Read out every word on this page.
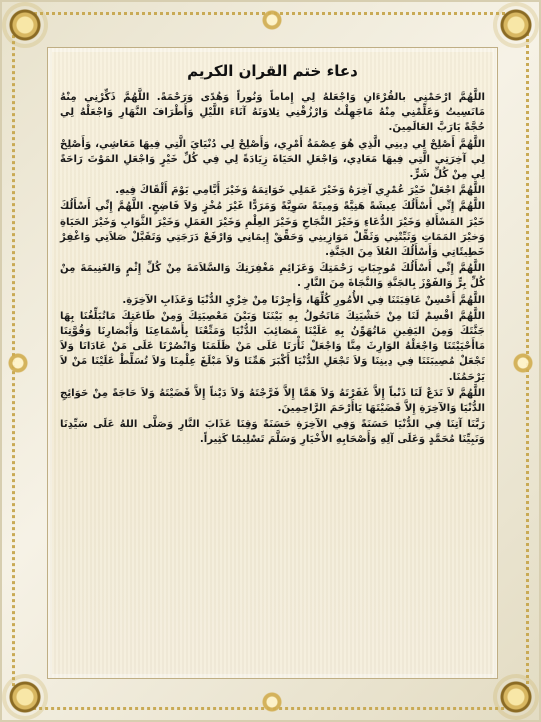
دعاء ختم القران الكريم

اللَّهُمَّ ارْحَمْنِي بالقُرْءَانِ وَاجْعَلهُ لِي إِماماً وَنُوراً وَهُدًى وَرَحْمَةً. اللَّهُمَّ ذَكِّرْنِي مِنْهُ مَانَسِيتُ وَعَلِّمْنِي مِنْهُ مَاجَهِلْتُ وَارْزُقْنِي تِلاوَتَهُ آنَاءَ اللَّيْلِ وَأَطْرَافَ النَّهَارِ وَاجْعَلْهُ لِي حُجَّةً يَارَبَّ العَالَمِينَ.

اللَّهُمَّ أَصْلِحْ لِي دِينِي الَّذِي هُوَ عِصْمَةُ أَمْرِي، وَأَصْلِحْ لِي دُنْيَايَ الَّتِي فِيهَا مَعَاشِي، وَأَصْلِحْ لِي آخِرَتِي الَّتِي فِيهَا مَعَادِي، وَاجْعَلِ الحَيَاةَ زِيَادَةً لِي فِي كُلِّ خَيْرٍ وَاجْعَلِ المَوْتَ رَاحَةً لِي مِنْ كُلِّ شَرٍّ.

اللَّهُمَّ اجْعَلْ خَيْرَ عُمْرِي آخِرَهُ وَخَيْرَ عَمَلِي خَوَاتِمَهُ وَخَيْرَ أَيَّامِي يَوْمَ أَلْقَاكَ فِيهِ.

اللَّهُمَّ إِنِّي أَسْأَلُكَ عِيشَةً هَنِيَّةً وَمِيتَةً سَوِيَّةً وَمَرَدًّا غَيْرَ مُخْزٍ وَلاَ فَاضِحٍ. اللَّهُمَّ إِنِّي أَسْأَلُكَ خَيْرَ المَسْأَلةِ وَخَيْرَ الدُّعَاءِ وَخَيْرَ النَّجَاحِ وَخَيْرَ العِلْمِ وَخَيْرَ العَمَلِ وَخَيْرَ الثَّوَابِ وَخَيْرَ الحَيَاةِ وَخيْرَ المَمَاتِ وَثَبِّتْنِي وَثَقِّلْ مَوَازِينِي وَحَقِّقْ إِيمَانِي وَارْفَعْ دَرَجَتِي وَتَقَبَّلْ صَلاَتِي وَاغْفِرْ خَطِيئَاتِي وَأَسْأَلُكَ العُلاَ مِنَ الجَنَّةِ.

اللَّهُمَّ إِنِّي أَسْأَلُكَ مُوجِبَاتِ رَحْمَتِكَ وَعَزَائِمِ مَغْفِرَتِكَ وَالسَّلاَمَةَ مِنْ كُلِّ إِثْمٍ وَالغَنِيمَةَ مِنْ كُلِّ بِرٍّ وَالفَوْزَ بِالجَنَّةِ وَالنَّجَاةَ مِنَ النَّارِ .

اللَّهُمَّ أَحْسِنْ عَاقِبَتَنَا فِي الأُمُورِ كُلِّهَا، وَأجِرْنَا مِنْ خِزْيِ الدُّنْيَا وَعَذَابِ الآخِرَةِ.

اللَّهُمَّ اقْسِمْ لَنَا مِنْ خَشْيَتِكَ مَاتَحُولُ بِهِ بَيْنَنَا وَبَيْنَ مَعْصِيَتِكَ وَمِنْ طَاعَتِكَ مَاتُبَلِّغُنَا بِهَا جَنَّتَكَ وَمِنَ اليَقِينِ مَاتُهَوِّنُ بِهِ عَلَيْنَا مَصَائِبَ الدُّنْيَا وَمَتِّعْنَا بِأَسْمَاعِنَا وَأَبْصَارِنَا وَقُوَّتِنَا مَاأَحْيَيْتَنَا وَاجْعَلْهُ الوَارِثَ مِنَّا وَاجْعَلْ ثَأْرَنَا عَلَى مَنْ ظَلَمَنَا وَانْصُرْنَا عَلَى مَنْ عَادَانَا وَلاَ تَجْعَلْ مُصِيبَتَنَا فِي دِينِنَا وَلاَ تَجْعَلِ الدُّنْيَا أَكْبَرَ هَمِّنَا وَلاَ مَبْلَغَ عِلْمِنَا وَلاَ تُسَلِّطْ عَلَيْنَا مَنْ لاَ يَرْحَمُنَا.

اللَّهُمَّ لاَ تَدَعْ لَنَا ذَنْباً إِلاَّ غَفَرْتَهُ وَلاَ هَمَّا إِلاَّ فَرَّجْتَهُ وَلاَ دَيْناً إِلاَّ قَضَيْتَهُ وَلاَ حَاجَةً مِنْ حَوَائِجِ الدُّنْيَا وَالآخِرَةِ إِلاَّ قَضَيْتَهَا يَاأَرْحَمَ الرَّاحِمِينَ.

رَبَّنَا آتِنَا فِي الدُّنْيَا حَسَنَةً وَفِي الآخِرَةِ حَسَنَةً وَقِنَا عَذَابَ النَّارِ وَصَلَّى اللهُ عَلَى سَيِّدِنَا وَنَبِيِّنَا مُحَمَّدٍ وَعَلَى آلِهِ وَأَصْحَابِهِ الأَخْيَارِ وَسَلَّمَ تَسْلِيمًا كَثِيراً.
